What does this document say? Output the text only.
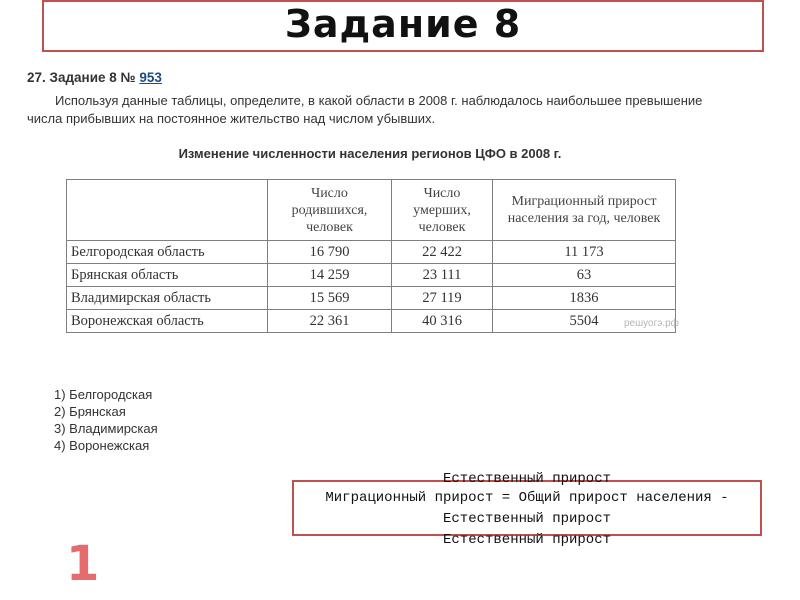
Задание 8
27. Задание 8 № 953
Используя данные таблицы, определите, в какой области в 2008 г. наблюдалось наибольшее превышение числа прибывших на постоянное жительство над числом убывших.
Изменение численности населения регионов ЦФО в 2008 г.
	Число родившихся, человек	Число умерших, человек	Миграционный прирост населения за год, человек
Белгородская область	16 790	22 422	11 173
Брянская область	14 259	23 111	63
Владимирская область	15 569	27 119	1836
Воронежская область	22 361	40 316	5504	решуогэ.рф
1) Белгородская
2) Брянская
3) Владимирская
4) Воронежская
Естественный прирост
Миграционный прирост = Общий прирост населения -
Естественный прирост
Естественный прирост
1
